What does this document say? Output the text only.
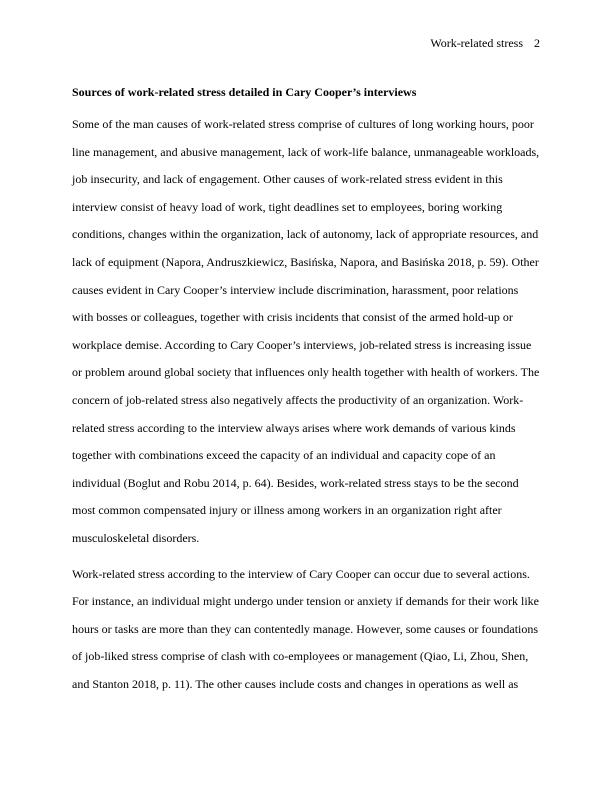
Work-related stress 2
Sources of work-related stress detailed in Cary Cooper’s interviews
Some of the man causes of work-related stress comprise of cultures of long working hours, poor
line management, and abusive management, lack of work-life balance, unmanageable workloads,
job insecurity, and lack of engagement. Other causes of work-related stress evident in this
interview consist of heavy load of work, tight deadlines set to employees, boring working
conditions, changes within the organization, lack of autonomy, lack of appropriate resources, and
lack of equipment (Napora, Andruszkiewicz, Basińska, Napora, and Basińska 2018, p. 59). Other
causes evident in Cary Cooper’s interview include discrimination, harassment, poor relations
with bosses or colleagues, together with crisis incidents that consist of the armed hold-up or
workplace demise. According to Cary Cooper’s interviews, job-related stress is increasing issue
or problem around global society that influences only health together with health of workers. The
concern of job-related stress also negatively affects the productivity of an organization. Work-
related stress according to the interview always arises where work demands of various kinds
together with combinations exceed the capacity of an individual and capacity cope of an
individual (Boglut and Robu 2014, p. 64). Besides, work-related stress stays to be the second
most common compensated injury or illness among workers in an organization right after
musculoskeletal disorders.
Work-related stress according to the interview of Cary Cooper can occur due to several actions.
For instance, an individual might undergo under tension or anxiety if demands for their work like
hours or tasks are more than they can contentedly manage. However, some causes or foundations
of job-liked stress comprise of clash with co-employees or management (Qiao, Li, Zhou, Shen,
and Stanton 2018, p. 11). The other causes include costs and changes in operations as well as
